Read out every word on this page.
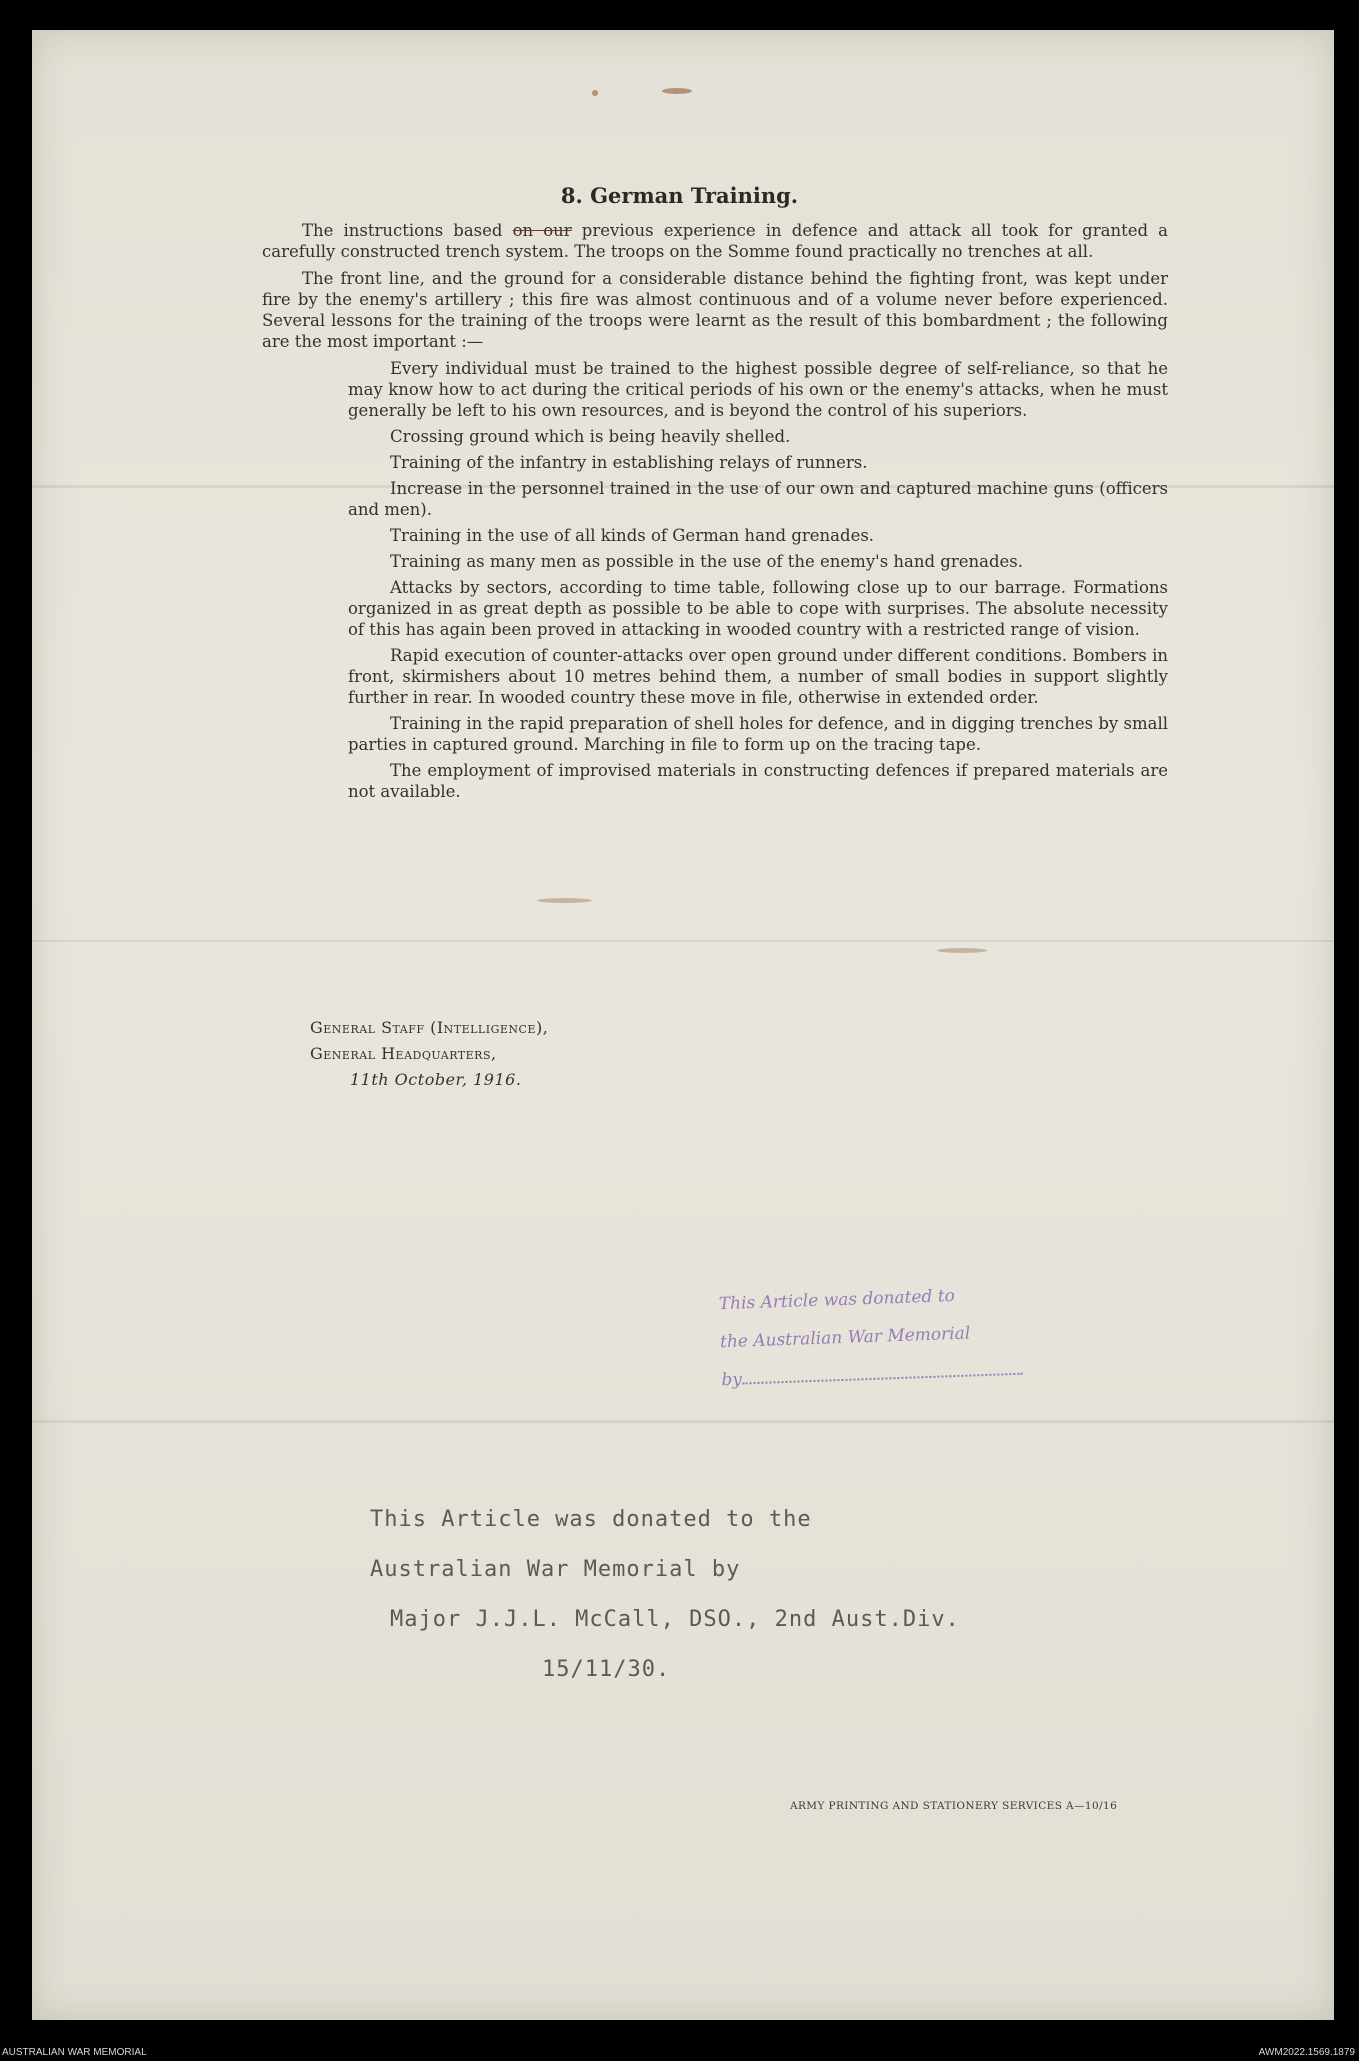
8. German Training.

The instructions based on our previous experience in defence and attack all took for granted a carefully constructed trench system. The troops on the Somme found practically no trenches at all.

The front line, and the ground for a considerable distance behind the fighting front, was kept under fire by the enemy's artillery ; this fire was almost continuous and of a volume never before experienced. Several lessons for the training of the troops were learnt as the result of this bombardment ; the following are the most important :—

Every individual must be trained to the highest possible degree of self-reliance, so that he may know how to act during the critical periods of his own or the enemy's attacks, when he must generally be left to his own resources, and is beyond the control of his superiors.

Crossing ground which is being heavily shelled.

Training of the infantry in establishing relays of runners.

Increase in the personnel trained in the use of our own and captured machine guns (officers and men).

Training in the use of all kinds of German hand grenades.

Training as many men as possible in the use of the enemy's hand grenades.

Attacks by sectors, according to time table, following close up to our barrage. Formations organized in as great depth as possible to be able to cope with surprises. The absolute necessity of this has again been proved in attacking in wooded country with a restricted range of vision.

Rapid execution of counter-attacks over open ground under different conditions. Bombers in front, skirmishers about 10 metres behind them, a number of small bodies in support slightly further in rear. In wooded country these move in file, otherwise in extended order.

Training in the rapid preparation of shell holes for defence, and in digging trenches by small parties in captured ground. Marching in file to form up on the tracing tape.

The employment of improvised materials in constructing defences if prepared materials are not available.

General Staff (Intelligence),
General Headquarters,
11th October, 1916.
This Article was donated to
the Australian War Memorial
by
This Article was donated to the
Australian War Memorial by
Major J.J.L. McCall, DSO., 2nd Aust.Div.
15/11/30.
ARMY PRINTING AND STATIONERY SERVICES A—10/16
AUSTRALIAN WAR MEMORIAL	AWM2022.1569.1879
